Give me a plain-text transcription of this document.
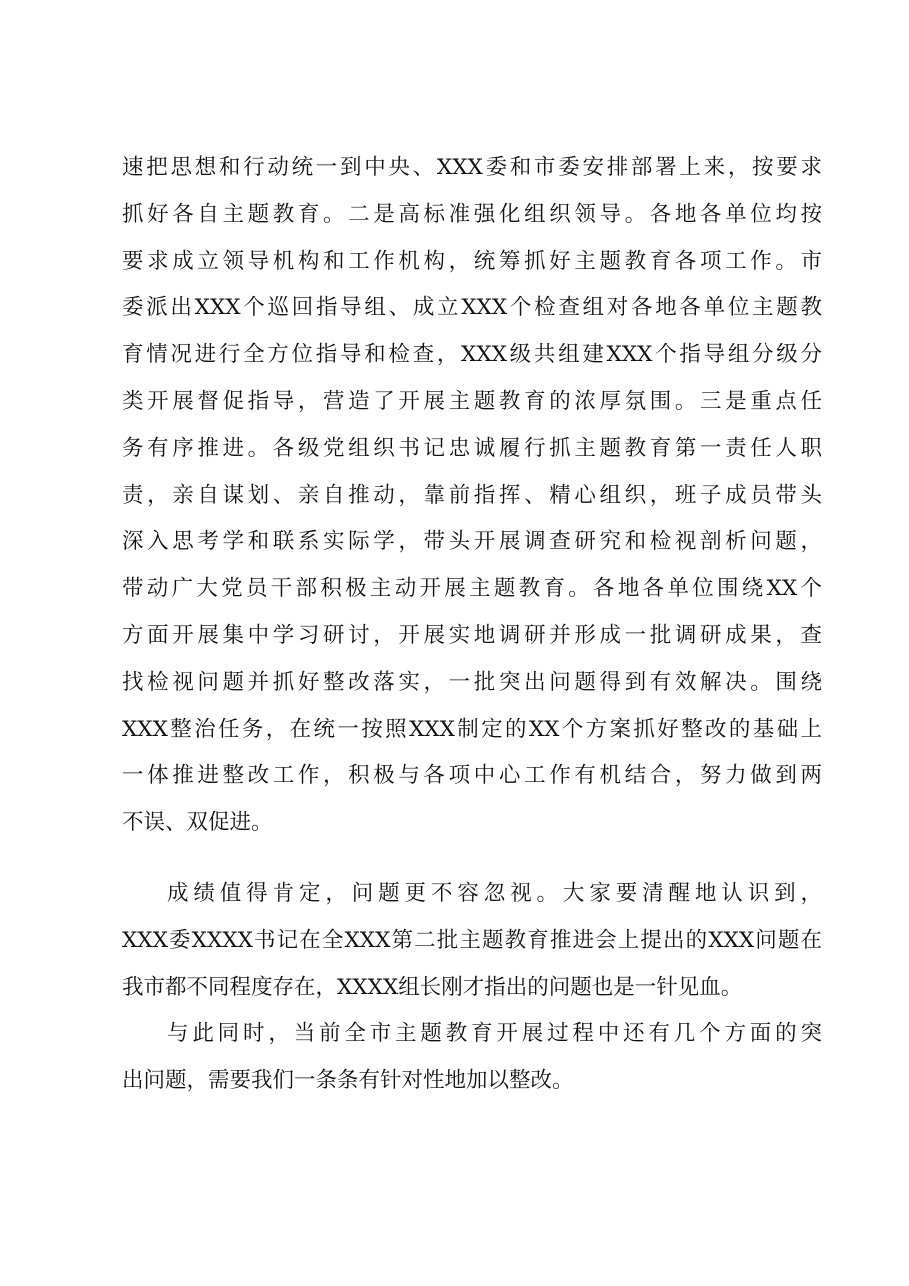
速把思想和行动统一到中央、XXX委和市委安排部署上来，按要求
抓好各自主题教育。二是高标准强化组织领导。各地各单位均按
要求成立领导机构和工作机构，统筹抓好主题教育各项工作。市
委派出XXX个巡回指导组、成立XXX个检查组对各地各单位主题教
育情况进行全方位指导和检查，XXX级共组建XXX个指导组分级分
类开展督促指导，营造了开展主题教育的浓厚氛围。三是重点任
务有序推进。各级党组织书记忠诚履行抓主题教育第一责任人职
责，亲自谋划、亲自推动，靠前指挥、精心组织，班子成员带头
深入思考学和联系实际学，带头开展调查研究和检视剖析问题，
带动广大党员干部积极主动开展主题教育。各地各单位围绕XX个
方面开展集中学习研讨，开展实地调研并形成一批调研成果，查
找检视问题并抓好整改落实，一批突出问题得到有效解决。围绕
XXX整治任务，在统一按照XXX制定的XX个方案抓好整改的基础上
一体推进整改工作，积极与各项中心工作有机结合，努力做到两
不误、双促进。
成绩值得肯定，问题更不容忽视。大家要清醒地认识到，
XXX委XXXX书记在全XXX第二批主题教育推进会上提出的XXX问题在
我市都不同程度存在，XXXX组长刚才指出的问题也是一针见血。
与此同时，当前全市主题教育开展过程中还有几个方面的突
出问题，需要我们一条条有针对性地加以整改。
